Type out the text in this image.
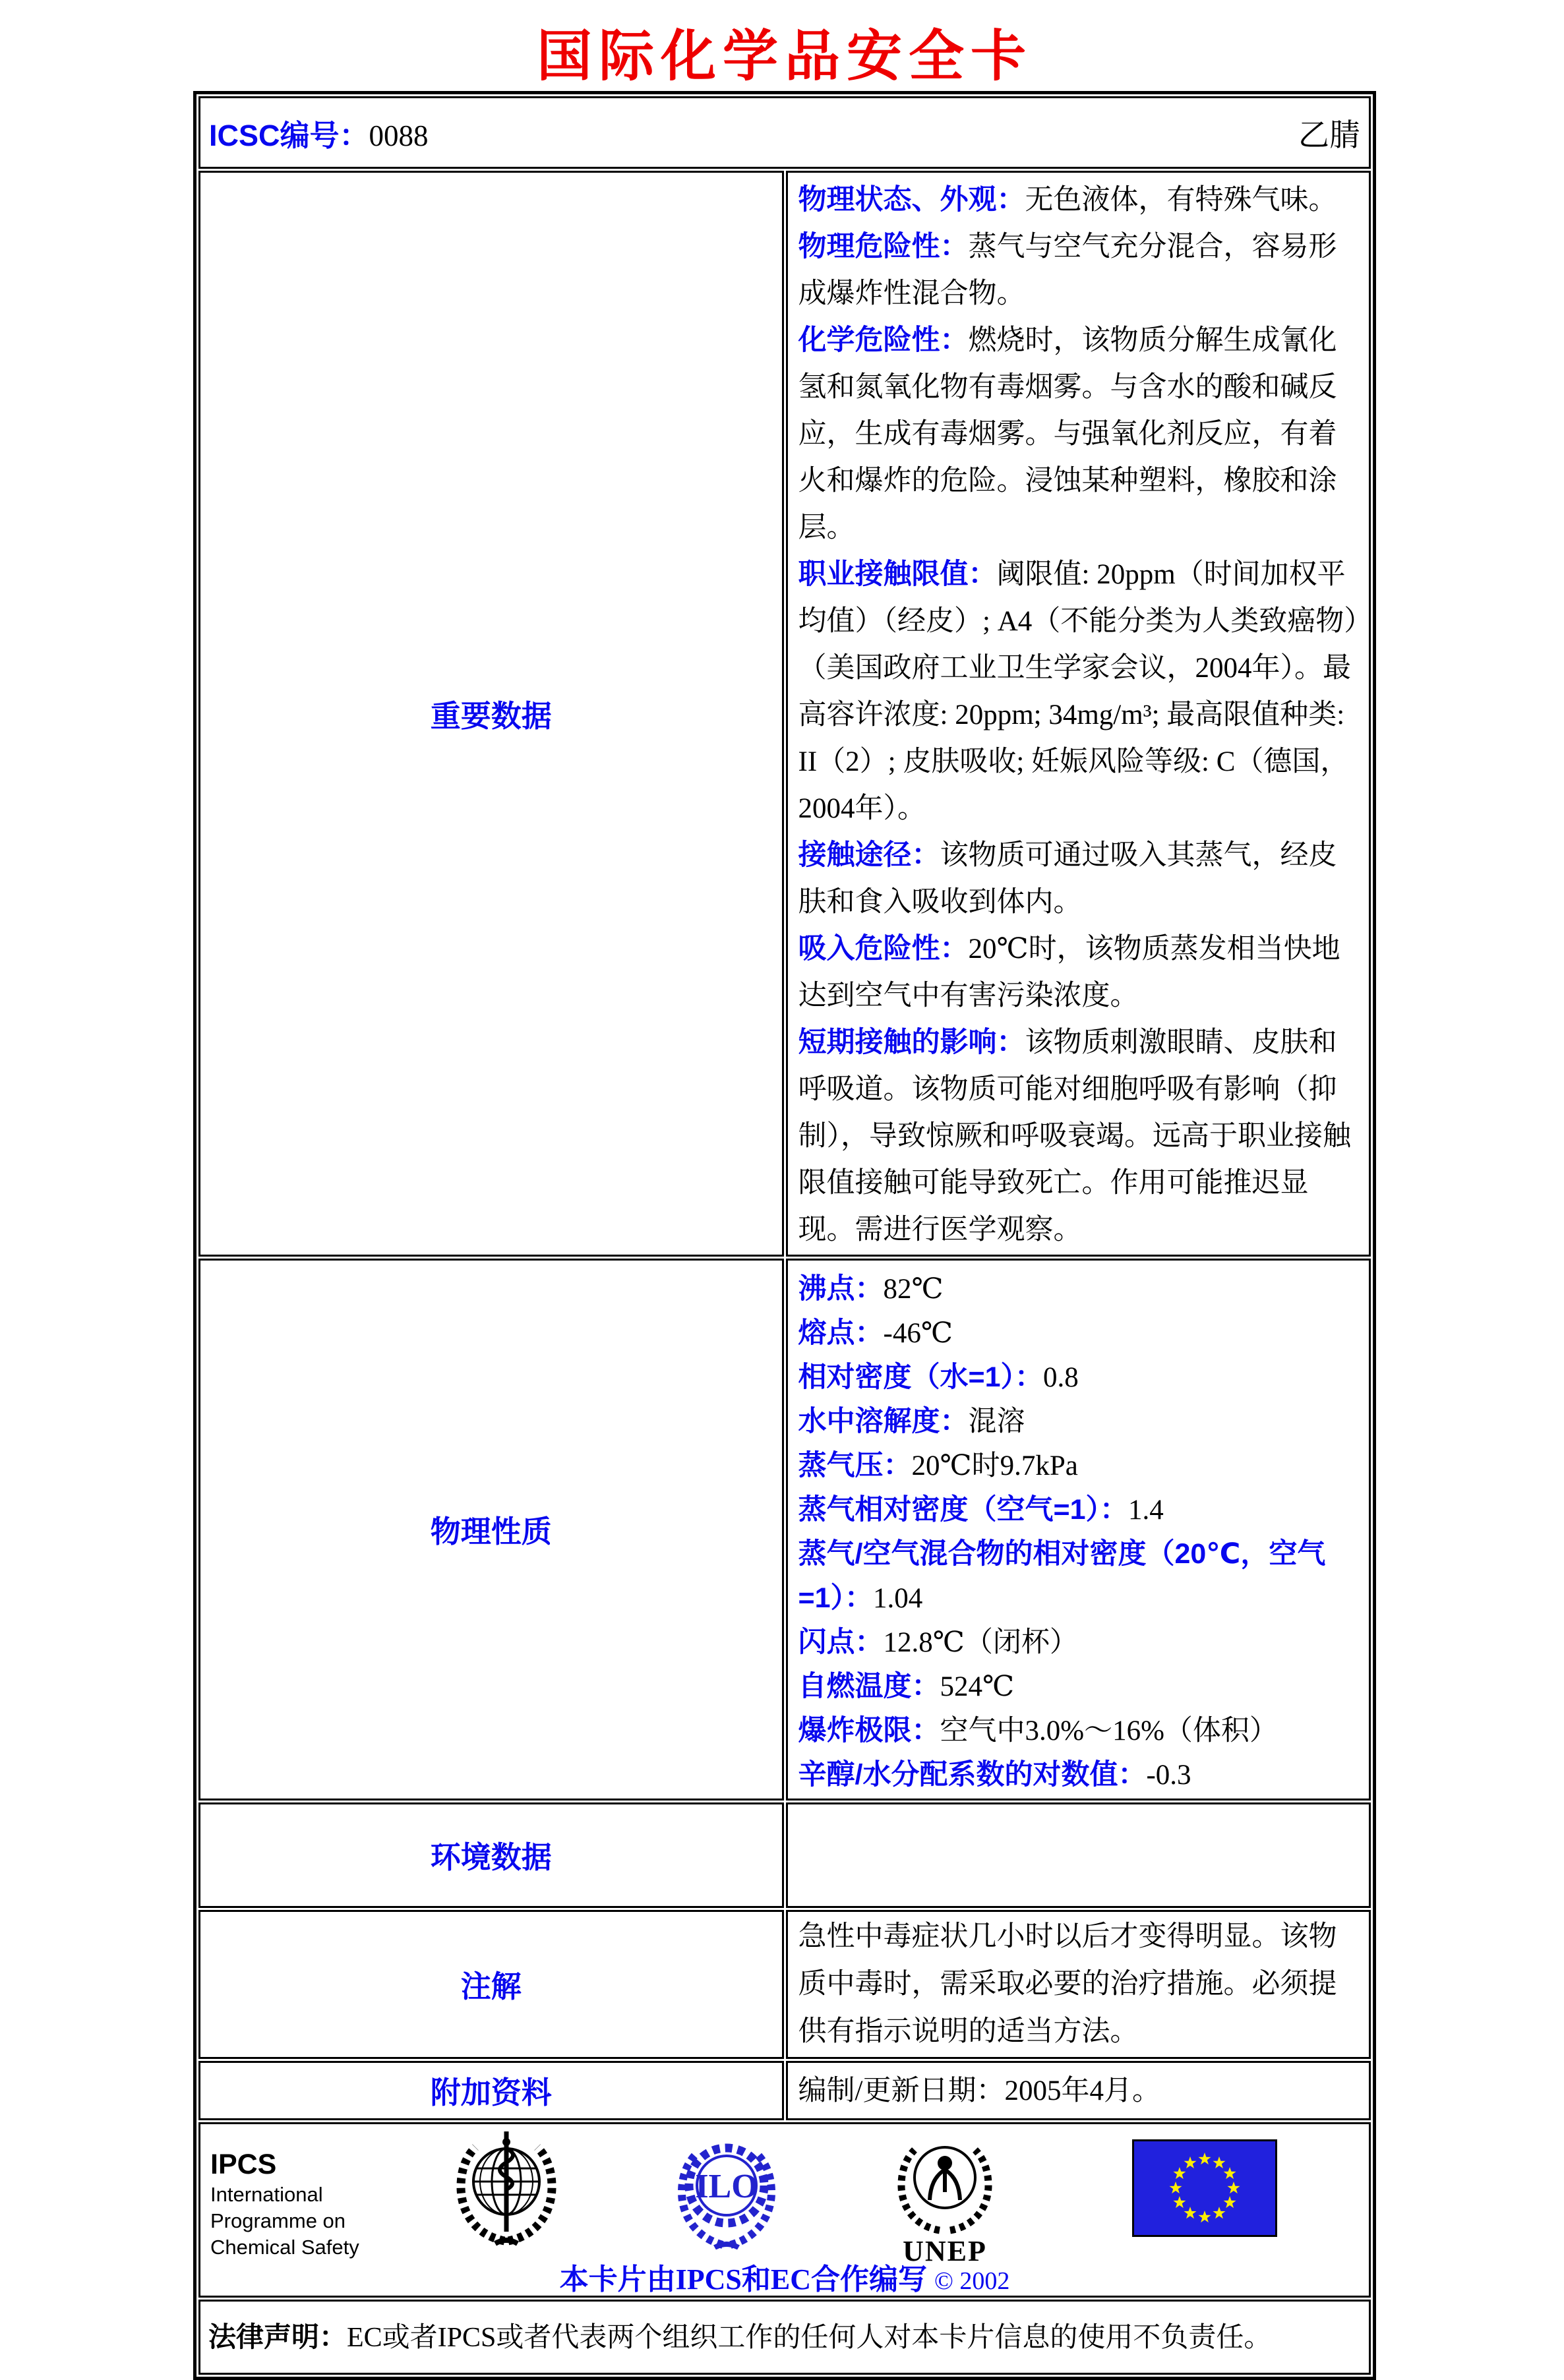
国际化学品安全卡
ICSC编号：0088 乙腈	

重要数据	
物理状态、外观：无色液体，有特殊气味。
物理危险性：蒸气与空气充分混合，容易形成爆炸性混合物。
化学危险性：燃烧时，该物质分解生成氰化氢和氮氧化物有毒烟雾。与含水的酸和碱反应，生成有毒烟雾。与强氧化剂反应，有着火和爆炸的危险。浸蚀某种塑料，橡胶和涂层。
职业接触限值：阈限值: 20ppm（时间加权平均值）（经皮）; A4（不能分类为人类致癌物）（美国政府工业卫生学家会议，2004年）。最高容许浓度: 20ppm; 34mg/m³; 最高限值种类: II（2）; 皮肤吸收; 妊娠风险等级: C（德国，2004年）。
接触途径：该物质可通过吸入其蒸气，经皮肤和食入吸收到体内。
吸入危险性：20℃时，该物质蒸发相当快地达到空气中有害污染浓度。
短期接触的影响：该物质刺激眼睛、皮肤和呼吸道。该物质可能对细胞呼吸有影响（抑制），导致惊厥和呼吸衰竭。远高于职业接触限值接触可能导致死亡。作用可能推迟显现。需进行医学观察。

物理性质	
沸点：82℃
熔点：-46℃
相对密度（水=1）：0.8
水中溶解度：混溶
蒸气压：20℃时9.7kPa
蒸气相对密度（空气=1）：1.4
蒸气/空气混合物的相对密度（20℃，空气=1）：1.04
闪点：12.8℃（闭杯）
自燃温度：524℃
爆炸极限：空气中3.0%～16%（体积）
辛醇/水分配系数的对数值：-0.3

环境数据	
注解	急性中毒症状几小时以后才变得明显。该物质中毒时，需采取必要的治疗措施。必须提供有指示说明的适当方法。
附加资料	编制/更新日期：2005年4月。

IPCS
International
Programme on
Chemical Safety
ILO
UNEP
本卡片由IPCS和EC合作编写 © 2002

法律声明：EC或者IPCS或者代表两个组织工作的任何人对本卡片信息的使用不负责任。	
